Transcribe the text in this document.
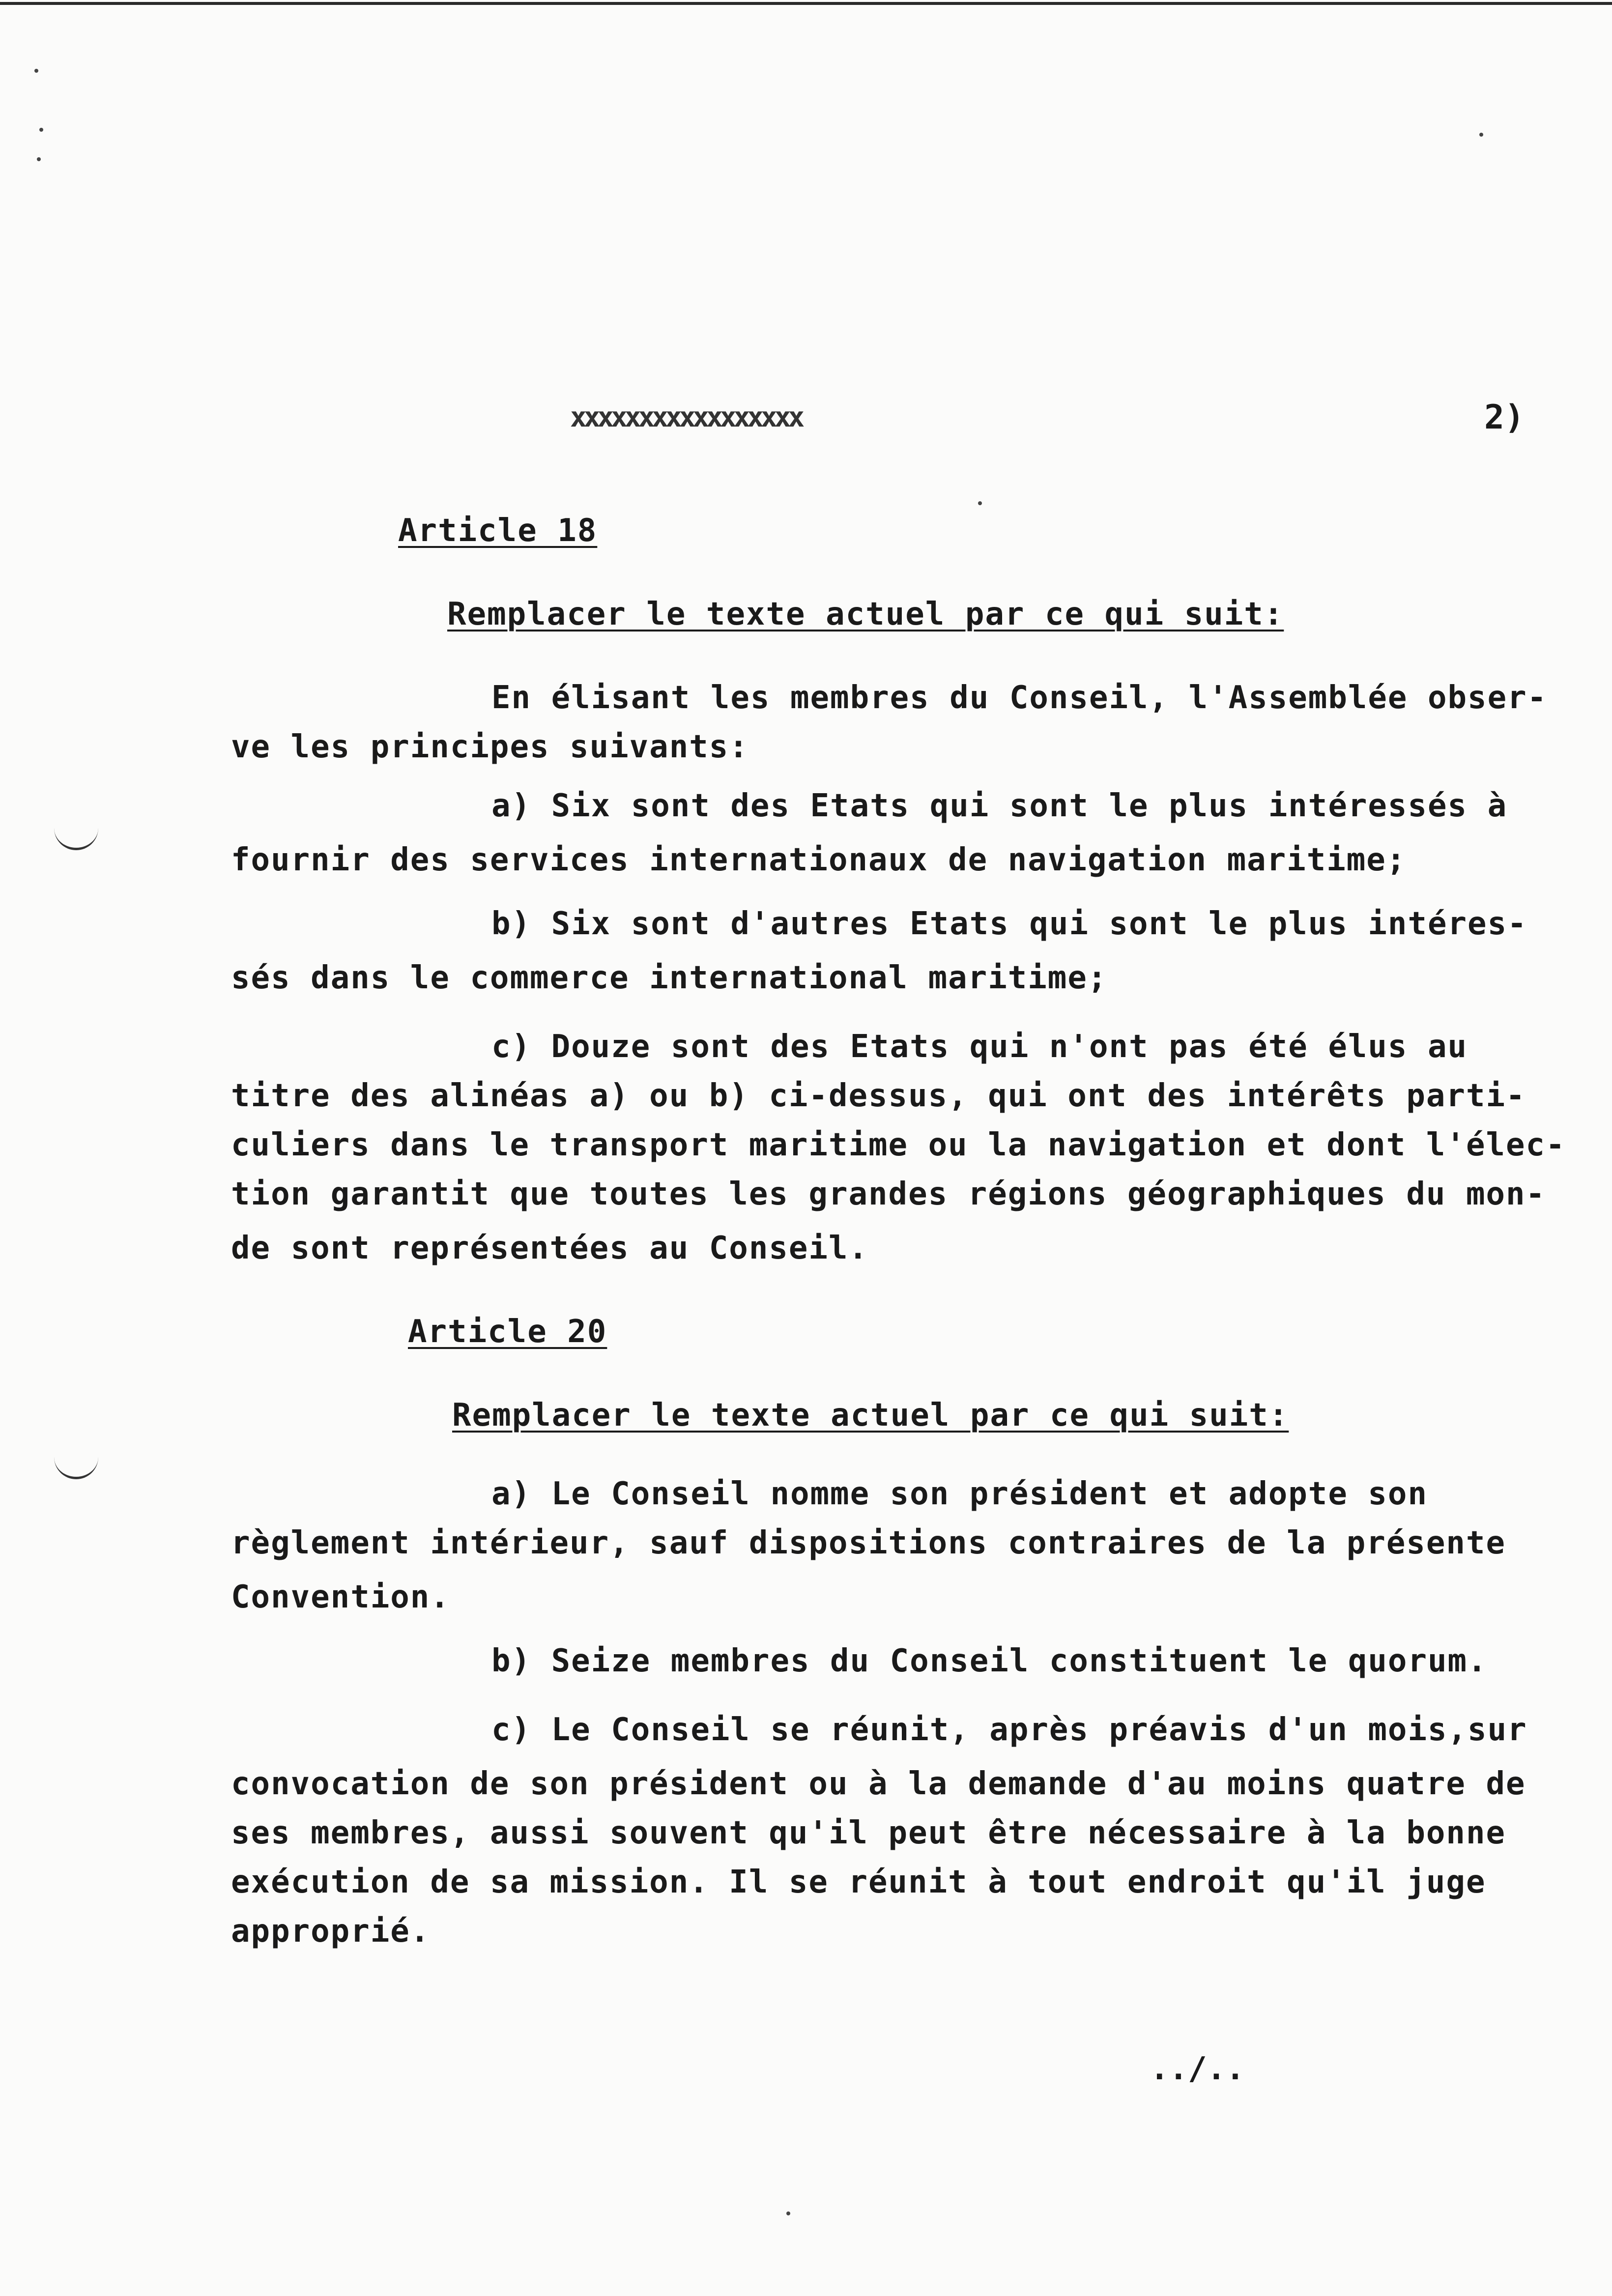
xxxxxxxxxxxxxxxxx	2)
Article 18
Remplacer le texte actuel par ce qui suit:
En élisant les membres du Conseil, l'Assemblée obser-
ve les principes suivants:
a) Six sont des Etats qui sont le plus intéressés à
fournir des services internationaux de navigation maritime;
b) Six sont d'autres Etats qui sont le plus intéres-
sés dans le commerce international maritime;
c) Douze sont des Etats qui n'ont pas été élus au
titre des alinéas a) ou b) ci-dessus, qui ont des intérêts parti-
culiers dans le transport maritime ou la navigation et dont l'élec-
tion garantit que toutes les grandes régions géographiques du mon-
de sont représentées au Conseil.
Article 20
Remplacer le texte actuel par ce qui suit:
a) Le Conseil nomme son président et adopte son
règlement intérieur, sauf dispositions contraires de la présente
Convention.
b) Seize membres du Conseil constituent le quorum.
c) Le Conseil se réunit, après préavis d'un mois,sur
convocation de son président ou à la demande d'au moins quatre de
ses membres, aussi souvent qu'il peut être nécessaire à la bonne
exécution de sa mission. Il se réunit à tout endroit qu'il juge
approprié.
../..
